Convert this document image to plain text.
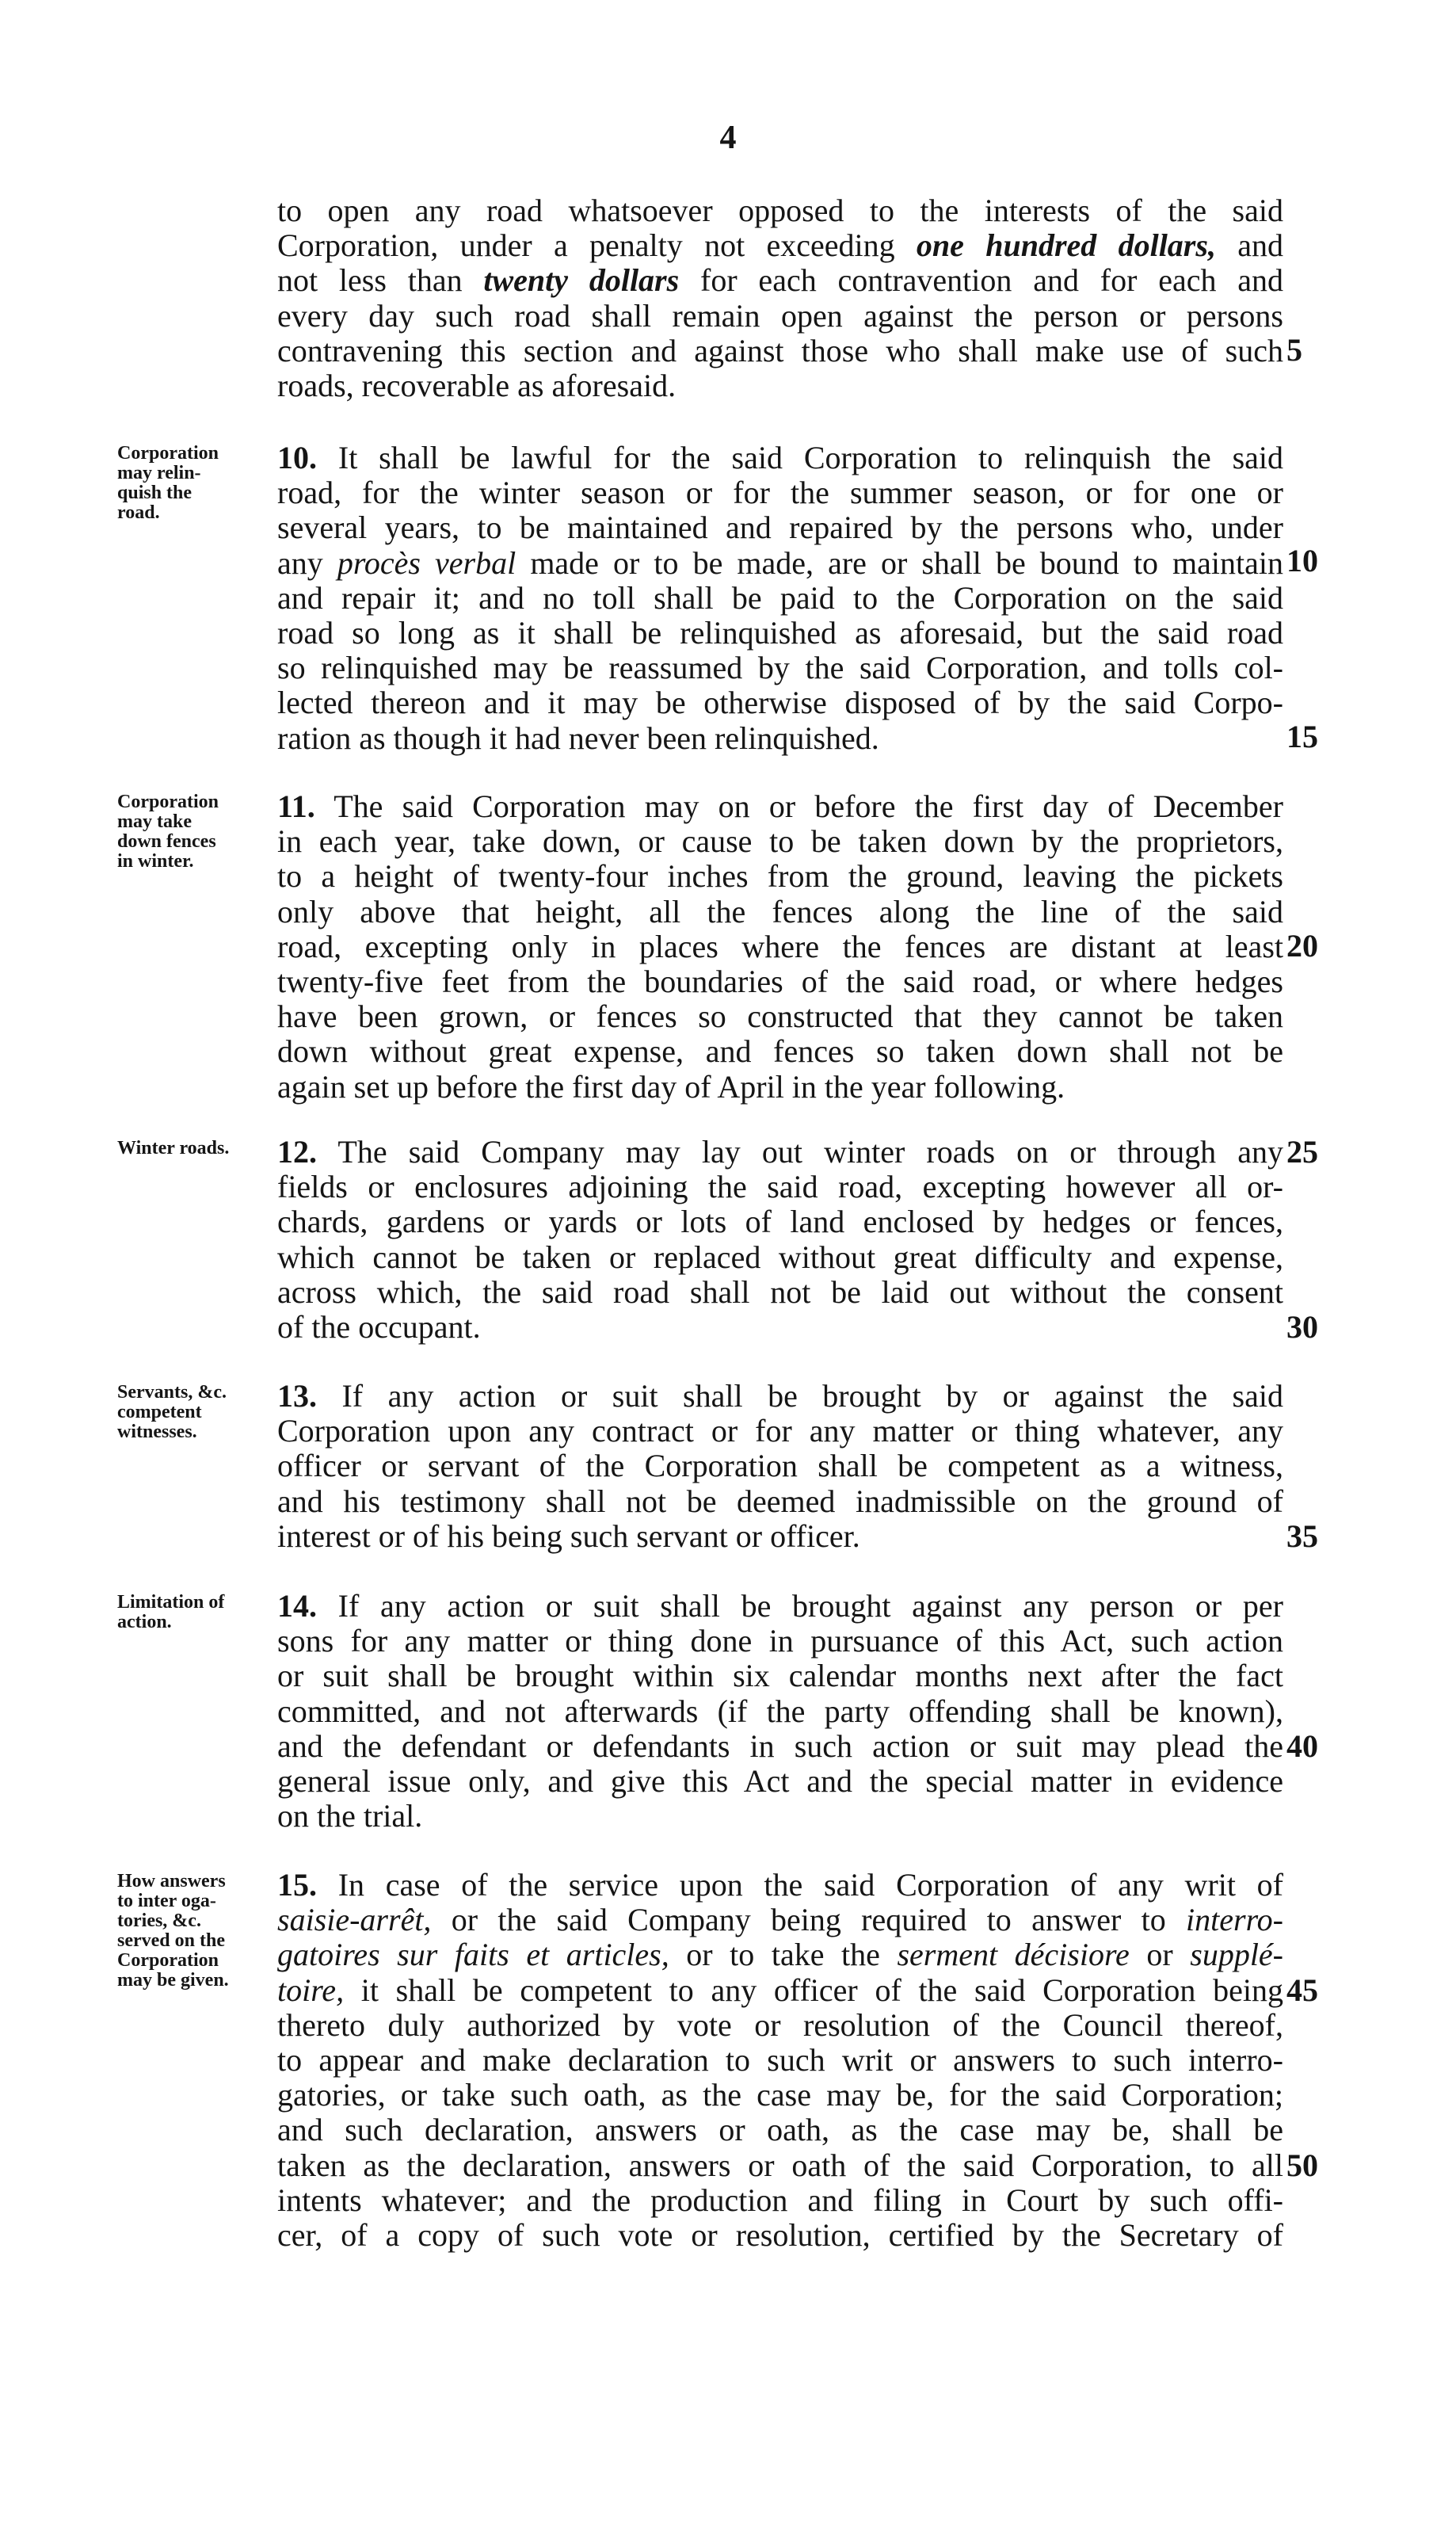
4

to open any road whatsoever opposed to the interests of the said

Corporation, under a penalty not exceeding one hundred dollars, and

not less than twenty dollars for each contravention and for each and

every day such road shall remain open against the person or persons

contravening this section and against those who shall make use of such

roads, recoverable as aforesaid.

Corporation
may relin-
quish the
road.

10. It shall be lawful for the said Corporation to relinquish the said

road, for the winter season or for the summer season, or for one or

several years, to be maintained and repaired by the persons who, under

any procès verbal made or to be made, are or shall be bound to maintain

and repair it; and no toll shall be paid to the Corporation on the said

road so long as it shall be relinquished as aforesaid, but the said road

so relinquished may be reassumed by the said Corporation, and tolls col-

lected thereon and it may be otherwise disposed of by the said Corpo-

ration as though it had never been relinquished.

Corporation
may take
down fences
in winter.

11. The said Corporation may on or before the first day of December

in each year, take down, or cause to be taken down by the proprietors,

to a height of twenty-four inches from the ground, leaving the pickets

only above that height, all the fences along the line of the said

road, excepting only in places where the fences are distant at least

twenty-five feet from the boundaries of the said road, or where hedges

have been grown, or fences so constructed that they cannot be taken

down without great expense, and fences so taken down shall not be

again set up before the first day of April in the year following.

Winter roads.	12. The said Company may lay out winter roads on or through any

fields or enclosures adjoining the said road, excepting however all or-

chards, gardens or yards or lots of land enclosed by hedges or fences,

which cannot be taken or replaced without great difficulty and expense,

across which, the said road shall not be laid out without the consent

of the occupant.

Servants, &c.
competent
witnesses.

13. If any action or suit shall be brought by or against the said

Corporation upon any contract or for any matter or thing whatever, any

officer or servant of the Corporation shall be competent as a witness,

and his testimony shall not be deemed inadmissible on the ground of

interest or of his being such servant or officer.

Limitation of
action.	14. If any action or suit shall be brought against any person or per

sons for any matter or thing done in pursuance of this Act, such action

or suit shall be brought within six calendar months next after the fact

committed, and not afterwards (if the party offending shall be known),

and the defendant or defendants in such action or suit may plead the

general issue only, and give this Act and the special matter in evidence

on the trial.

How answers
to inter oga-
tories, &c.
served on the
Corporation
may be given.

15. In case of the service upon the said Corporation of any writ of

saisie-arrêt, or the said Company being required to answer to interro-

gatoires sur faits et articles, or to take the serment décisiore or supplé-

toire, it shall be competent to any officer of the said Corporation being

thereto duly authorized by vote or resolution of the Council thereof,

to appear and make declaration to such writ or answers to such interro-

gatories, or take such oath, as the case may be, for the said Corporation;

and such declaration, answers or oath, as the case may be, shall be

taken as the declaration, answers or oath of the said Corporation, to all

intents whatever; and the production and filing in Court by such offi-

cer, of a copy of such vote or resolution, certified by the Secretary of

5
10
15
20
25
30
35
40
45
50
